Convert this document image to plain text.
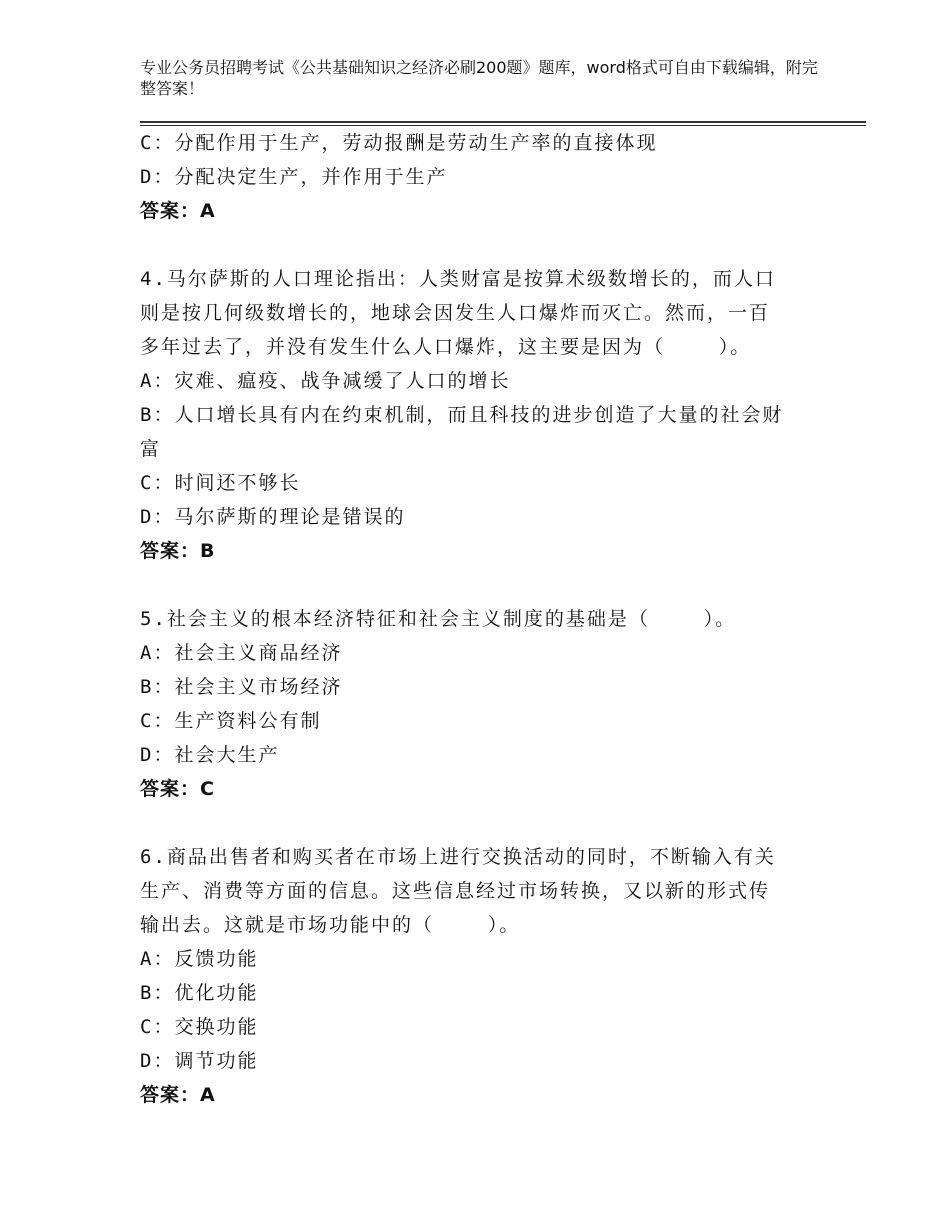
专业公务员招聘考试《公共基础知识之经济必刷200题》题库，word格式可自由下载编辑，附完整答案！
C：分配作用于生产，劳动报酬是劳动生产率的直接体现
D：分配决定生产，并作用于生产
答案：A
4.马尔萨斯的人口理论指出：人类财富是按算术级数增长的，而人口
则是按几何级数增长的，地球会因发生人口爆炸而灭亡。然而，一百
多年过去了，并没有发生什么人口爆炸，这主要是因为（    ）。
A：灾难、瘟疫、战争减缓了人口的增长
B：人口增长具有内在约束机制，而且科技的进步创造了大量的社会财
富
C：时间还不够长
D：马尔萨斯的理论是错误的
答案：B
5.社会主义的根本经济特征和社会主义制度的基础是（    ）。
A：社会主义商品经济
B：社会主义市场经济
C：生产资料公有制
D：社会大生产
答案：C
6.商品出售者和购买者在市场上进行交换活动的同时，不断输入有关
生产、消费等方面的信息。这些信息经过市场转换，又以新的形式传
输出去。这就是市场功能中的（    ）。
A：反馈功能
B：优化功能
C：交换功能
D：调节功能
答案：A
